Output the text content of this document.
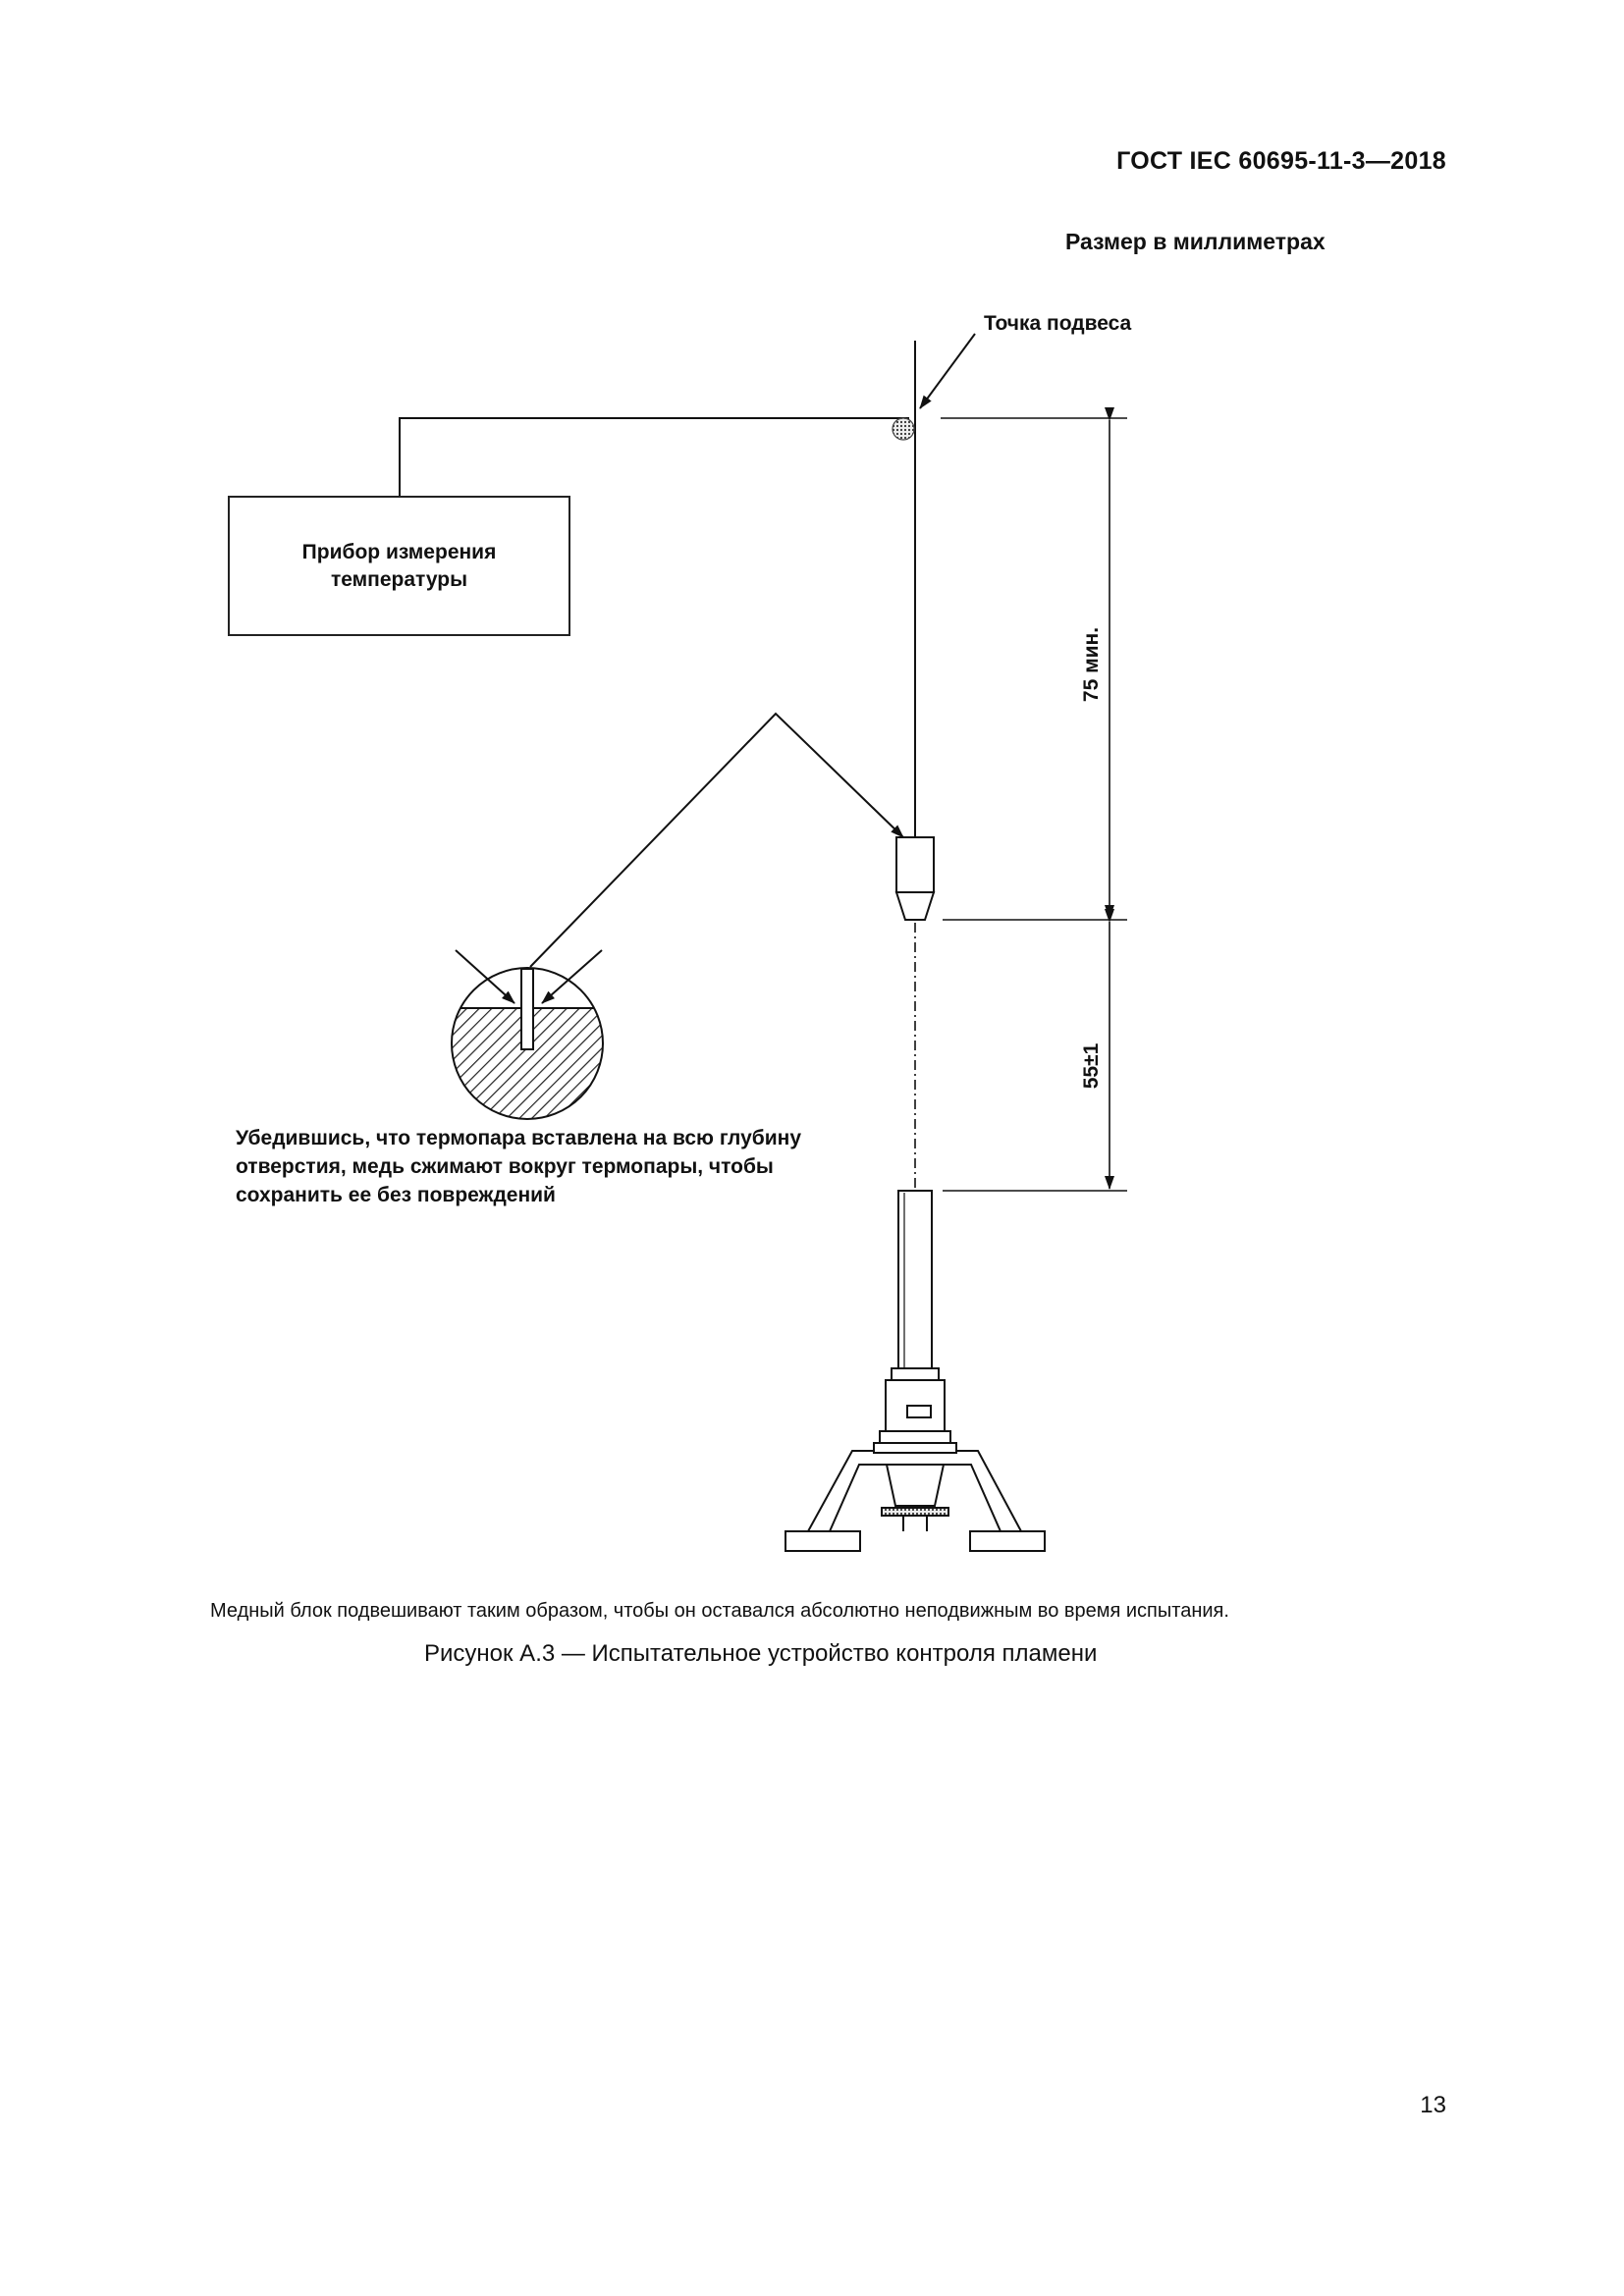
ГОСТ IEC 60695-11-3—2018
Размер в миллиметрах
Точка подвеса
Прибор измерения
температуры
Убедившись, что термопара вставлена на всю глубину
отверстия, медь сжимают вокруг термопары, чтобы
сохранить ее без повреждений
75 мин.
55±1
Медный блок подвешивают таким образом, чтобы он оставался абсолютно неподвижным во время испытания.
Рисунок А.3 — Испытательное устройство контроля пламени
13
